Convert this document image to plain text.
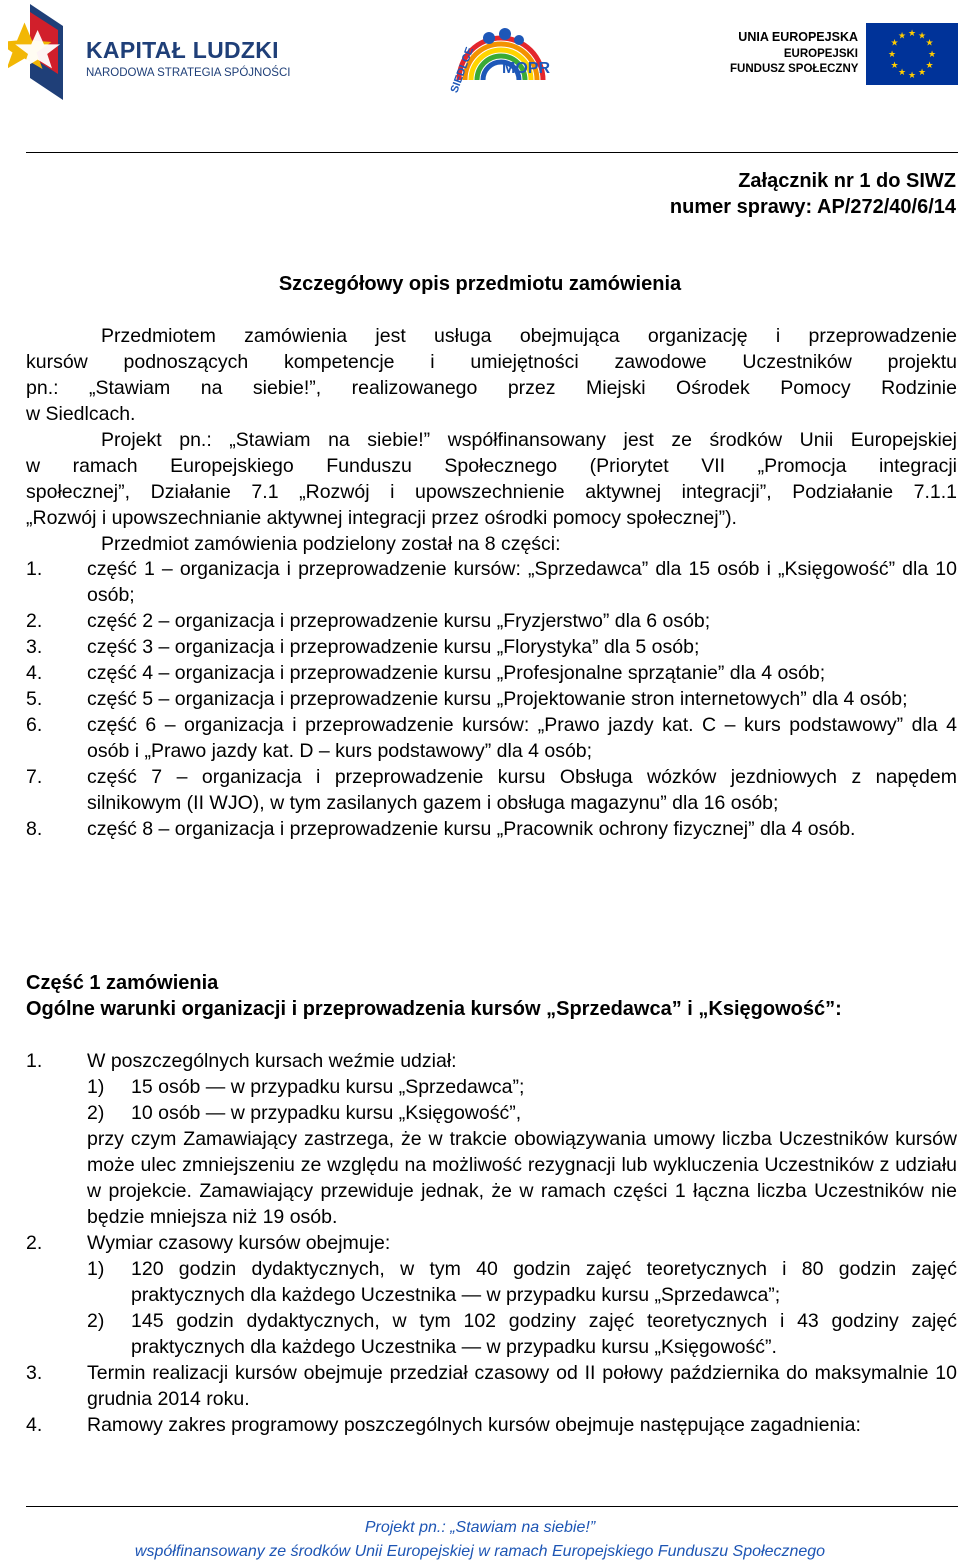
KAPITAŁ LUDZKI
NARODOWA STRATEGIA SPÓJNOŚCI	SIEDLCE	MOPR
UNIA EUROPEJSKA
EUROPEJSKI
FUNDUSZ SPOŁECZNY
★ ★
★
★
★
★
★
★
★
★
★
★
Załącznik nr 1 do SIWZ
numer sprawy: AP/272/40/6/14
Szczegółowy opis przedmiotu zamówienia

Przedmiotem zamówienia jest usługa obejmująca organizację i przeprowadzenie

kursów podnoszących kompetencje i umiejętności zawodowe Uczestników projektu

pn.: „Stawiam na siebie!”, realizowanego przez Miejski Ośrodek Pomocy Rodzinie

w Siedlcach.

Projekt pn.: „Stawiam na siebie!” współfinansowany jest ze środków Unii Europejskiej

w ramach Europejskiego Funduszu Społecznego (Priorytet VII „Promocja integracji

społecznej”, Działanie 7.1 „Rozwój i upowszechnienie aktywnej integracji”, Podziałanie 7.1.1

„Rozwój i upowszechnianie aktywnej integracji przez ośrodki pomocy społecznej”).

Przedmiot zamówienia podzielony został na 8 części:

1. część 1 – organizacja i przeprowadzenie kursów: „Sprzedawca” dla 15 osób i „Księgowość” dla 10 osób;
2. część 2 – organizacja i przeprowadzenie kursu „Fryzjerstwo” dla 6 osób;
3. część 3 – organizacja i przeprowadzenie kursu „Florystyka” dla 5 osób;
4. część 4 – organizacja i przeprowadzenie kursu „Profesjonalne sprzątanie” dla 4 osób;
5. część 5 – organizacja i przeprowadzenie kursu „Projektowanie stron internetowych” dla 4 osób;
6. część 6 – organizacja i przeprowadzenie kursów: „Prawo jazdy kat. C – kurs podstawowy” dla 4 osób i „Prawo jazdy kat. D – kurs podstawowy” dla 4 osób;
7. część 7 – organizacja i przeprowadzenie kursu Obsługa wózków jezdniowych z napędem silnikowym (II WJO), w tym zasilanych gazem i obsługa magazynu” dla 16 osób;
8. część 8 – organizacja i przeprowadzenie kursu „Pracownik ochrony fizycznej” dla 4 osób.
Część 1 zamówienia
Ogólne warunki organizacji i przeprowadzenia kursów „Sprzedawca” i „Księgowość”:
1. W poszczególnych kursach weźmie udział:
1) 15 osób — w przypadku kursu „Sprzedawca”;
2) 10 osób — w przypadku kursu „Księgowość”,
przy czym Zamawiający zastrzega, że w trakcie obowiązywania umowy liczba Uczestników kursów może ulec zmniejszeniu ze względu na możliwość rezygnacji lub wykluczenia Uczestników z udziału w projekcie. Zamawiający przewiduje jednak, że w ramach części 1 łączna liczba Uczestników nie będzie mniejsza niż 19 osób.
2. Wymiar czasowy kursów obejmuje:
1) 120 godzin dydaktycznych, w tym 40 godzin zajęć teoretycznych i 80 godzin zajęć praktycznych dla każdego Uczestnika — w przypadku kursu „Sprzedawca”;
2) 145 godzin dydaktycznych, w tym 102 godziny zajęć teoretycznych i 43 godziny zajęć praktycznych dla każdego Uczestnika — w przypadku kursu „Księgowość”.
3. Termin realizacji kursów obejmuje przedział czasowy od II połowy października do maksymalnie 10 grudnia 2014 roku.
4. Ramowy zakres programowy poszczególnych kursów obejmuje następujące zagadnienia:
Projekt pn.: „Stawiam na siebie!”
współfinansowany ze środków Unii Europejskiej w ramach Europejskiego Funduszu Społecznego
